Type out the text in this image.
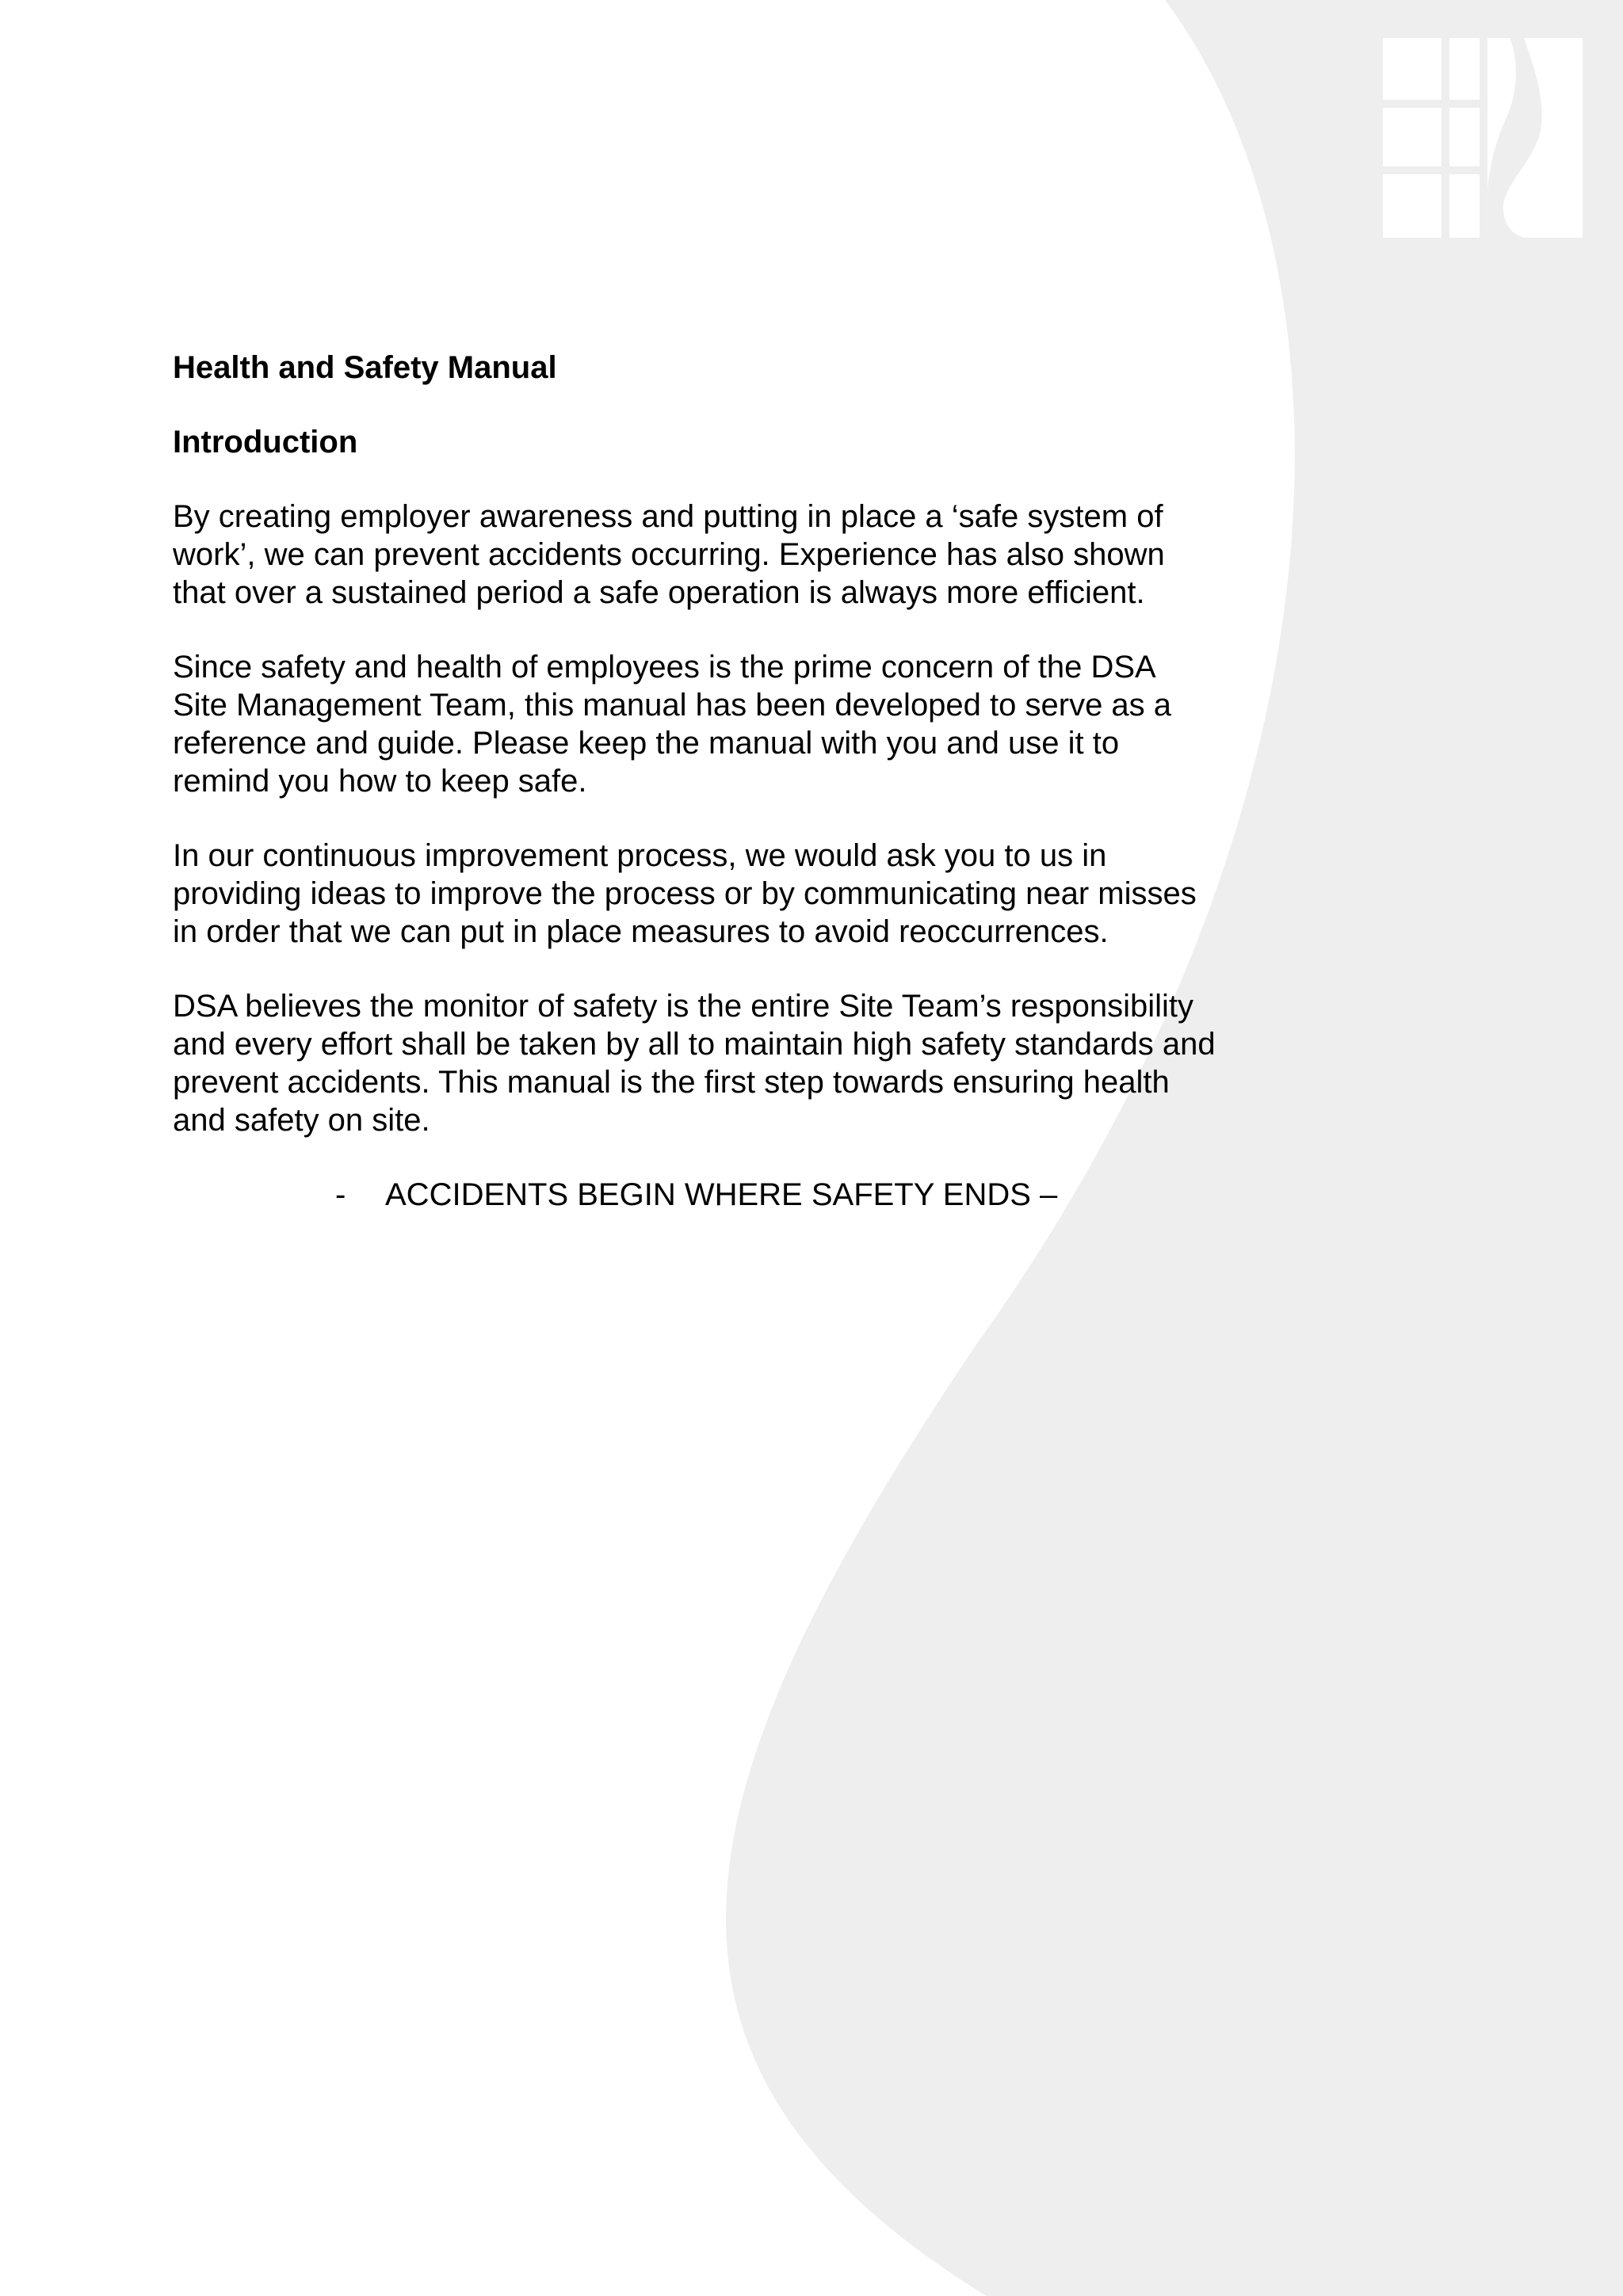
Health and Safety Manual
Introduction

By creating employer awareness and putting in place a ‘safe system of
work’, we can prevent accidents occurring. Experience has also shown
that over a sustained period a safe operation is always more efficient.

Since safety and health of employees is the prime concern of the DSA
Site Management Team, this manual has been developed to serve as a
reference and guide. Please keep the manual with you and use it to
remind you how to keep safe.

In our continuous improvement process, we would ask you to us in
providing ideas to improve the process or by communicating near misses
in order that we can put in place measures to avoid reoccurrences.

DSA believes the monitor of safety is the entire Site Team’s responsibility
and every effort shall be taken by all to maintain high safety standards and
prevent accidents. This manual is the first step towards ensuring health
and safety on site.

- ACCIDENTS BEGIN WHERE SAFETY ENDS –
